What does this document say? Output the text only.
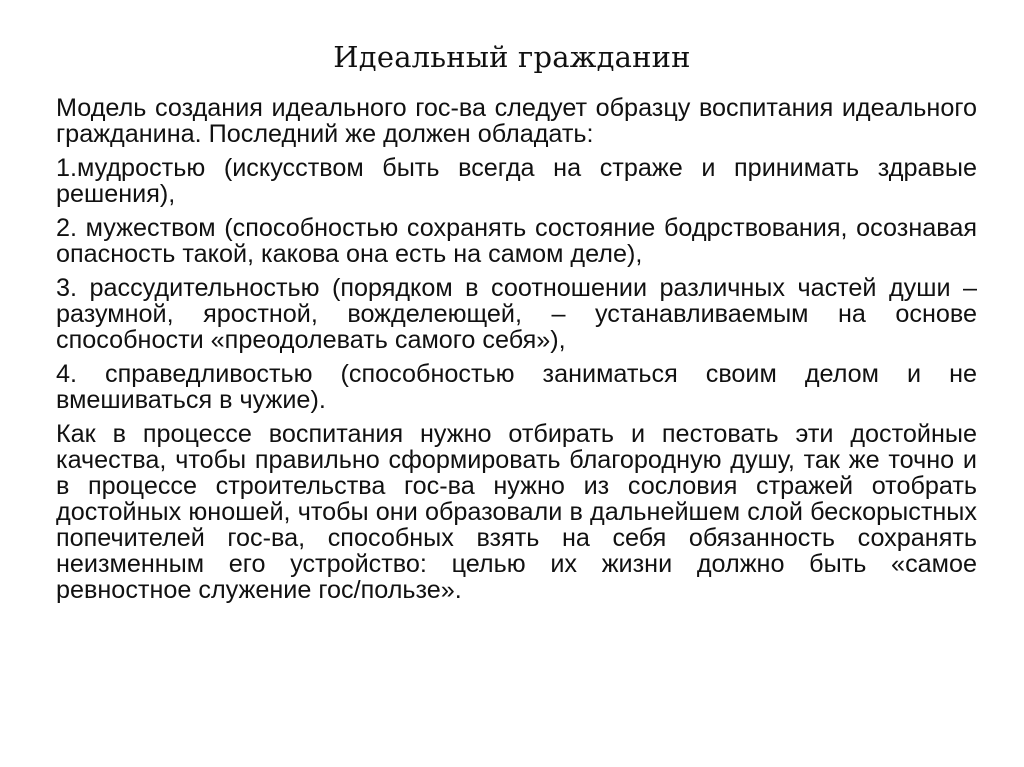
Идеальный гражданин

Модель создания идеального гос-ва следует образцу воспитания идеального гражданина. Последний же должен обладать:

1.мудростью (искусством быть всегда на страже и принимать здравые решения),

2. мужеством (способностью сохранять состояние бодрствования, осознавая опасность такой, какова она есть на самом деле),

3. рассудительностью (порядком в соотношении различных частей души – разумной, яростной, вожделеющей, – устанавливаемым на основе способности «преодолевать самого себя»),

4. справедливостью (способностью заниматься своим делом и не вмешиваться в чужие).

Как в процессе воспитания нужно отбирать и пестовать эти достойные качества, чтобы правильно сформировать благородную душу, так же точно и в процессе строительства гос-ва нужно из сословия стражей отобрать достойных юношей, чтобы они образовали в дальнейшем слой бескорыстных попечителей гос-ва, способных взять на себя обязанность сохранять неизменным его устройство: целью их жизни должно быть «самое ревностное служение гос/пользе».
